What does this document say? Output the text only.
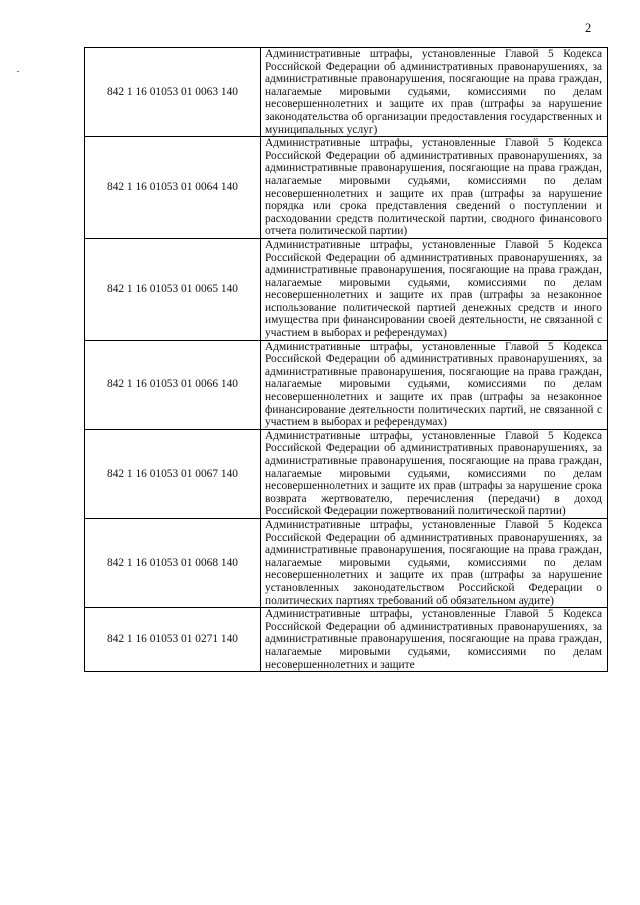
2
842 1 16 01053 01 0063 140	Административные штрафы, установленные Главой 5 Кодекса Российской Федерации об административных правонарушениях, за административные правонарушения, посягающие на права граждан, налагаемые мировыми судьями, комиссиями по делам несовершеннолетних и защите их прав (штрафы за нарушение законодательства об организации предоставления государственных и муниципальных услуг)
842 1 16 01053 01 0064 140	Административные штрафы, установленные Главой 5 Кодекса Российской Федерации об административных правонарушениях, за административные правонарушения, посягающие на права граждан, налагаемые мировыми судьями, комиссиями по делам несовершеннолетних и защите их прав (штрафы за нарушение порядка или срока представления сведений о поступлении и расходовании средств политической партии, сводного финансового отчета политической партии)
842 1 16 01053 01 0065 140	Административные штрафы, установленные Главой 5 Кодекса Российской Федерации об административных правонарушениях, за административные правонарушения, посягающие на права граждан, налагаемые мировыми судьями, комиссиями по делам несовершеннолетних и защите их прав (штрафы за незаконное использование политической партией денежных средств и иного имущества при финансировании своей деятельности, не связанной с участием в выборах и референдумах)
842 1 16 01053 01 0066 140	Административные штрафы, установленные Главой 5 Кодекса Российской Федерации об административных правонарушениях, за административные правонарушения, посягающие на права граждан, налагаемые мировыми судьями, комиссиями по делам несовершеннолетних и защите их прав (штрафы за незаконное финансирование деятельности политических партий, не связанной с участием в выборах и референдумах)
842 1 16 01053 01 0067 140	Административные штрафы, установленные Главой 5 Кодекса Российской Федерации об административных правонарушениях, за административные правонарушения, посягающие на права граждан, налагаемые мировыми судьями, комиссиями по делам несовершеннолетних и защите их прав (штрафы за нарушение срока возврата жертвователю, перечисления (передачи) в доход Российской Федерации пожертвований политической партии)
842 1 16 01053 01 0068 140	Административные штрафы, установленные Главой 5 Кодекса Российской Федерации об административных правонарушениях, за административные правонарушения, посягающие на права граждан, налагаемые мировыми судьями, комиссиями по делам несовершеннолетних и защите их прав (штрафы за нарушение установленных законодательством Российской Федерации о политических партиях требований об обязательном аудите)
842 1 16 01053 01 0271 140	Административные штрафы, установленные Главой 5 Кодекса Российской Федерации об административных правонарушениях, за административные правонарушения, посягающие на права граждан, налагаемые мировыми судьями, комиссиями по делам несовершеннолетних и защите
